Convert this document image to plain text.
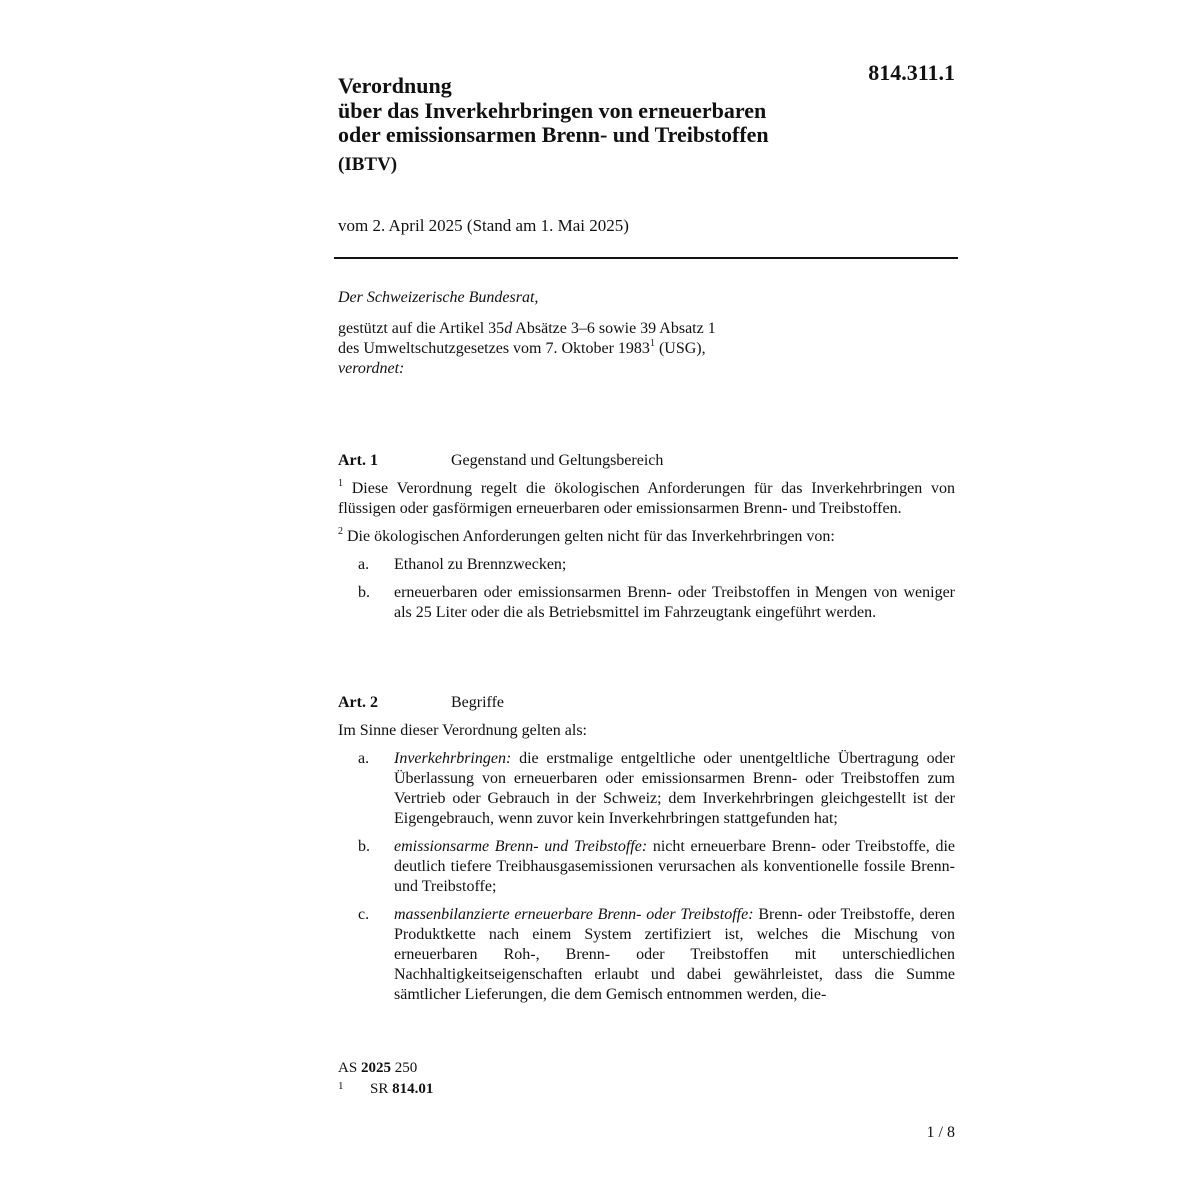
814.311.1
Verordnung
über das Inverkehrbringen von erneuerbaren
oder emissionsarmen Brenn- und Treibstoffen
(IBTV)
vom 2. April 2025 (Stand am 1. Mai 2025)

Der Schweizerische Bundesrat,

gestützt auf die Artikel 35d Absätze 3–6 sowie 39 Absatz 1

des Umweltschutzgesetzes vom 7. Oktober 1983$^1$ (USG),

verordnet:

Art. 1	Gegenstand und Geltungsbereich

$^1$ Diese Verordnung regelt die ökologischen Anforderungen für das Inverkehrbringen von flüssigen oder gasförmigen erneuerbaren oder emissionsarmen Brenn- und Treibstoffen.

$^2$ Die ökologischen Anforderungen gelten nicht für das Inverkehrbringen von:

a.	Ethanol zu Brennzwecken;
b.	erneuerbaren oder emissionsarmen Brenn- oder Treibstoffen in Mengen von weniger als 25 Liter oder die als Betriebsmittel im Fahrzeugtank eingeführt werden.
Art. 2	Begriffe

Im Sinne dieser Verordnung gelten als:

a.	Inverkehrbringen: die erstmalige entgeltliche oder unentgeltliche Übertragung oder Überlassung von erneuerbaren oder emissionsarmen Brenn- oder Treibstoffen zum Vertrieb oder Gebrauch in der Schweiz; dem Inverkehrbringen gleichgestellt ist der Eigengebrauch, wenn zuvor kein Inverkehrbringen stattgefunden hat;
b.	emissionsarme Brenn- und Treibstoffe: nicht erneuerbare Brenn- oder Treibstoffe, die deutlich tiefere Treibhausgasemissionen verursachen als konventionelle fossile Brenn- und Treibstoffe;
c.	massenbilanzierte erneuerbare Brenn- oder Treibstoffe: Brenn- oder Treibstoffe, deren Produktkette nach einem System zertifiziert ist, welches die Mischung von erneuerbaren Roh-, Brenn- oder Treibstoffen mit unterschiedlichen Nachhaltigkeitseigenschaften erlaubt und dabei gewährleistet, dass die Summe sämtlicher Lieferungen, die dem Gemisch entnommen werden, die-
AS 2025 250
1	SR 814.01
1 / 8
